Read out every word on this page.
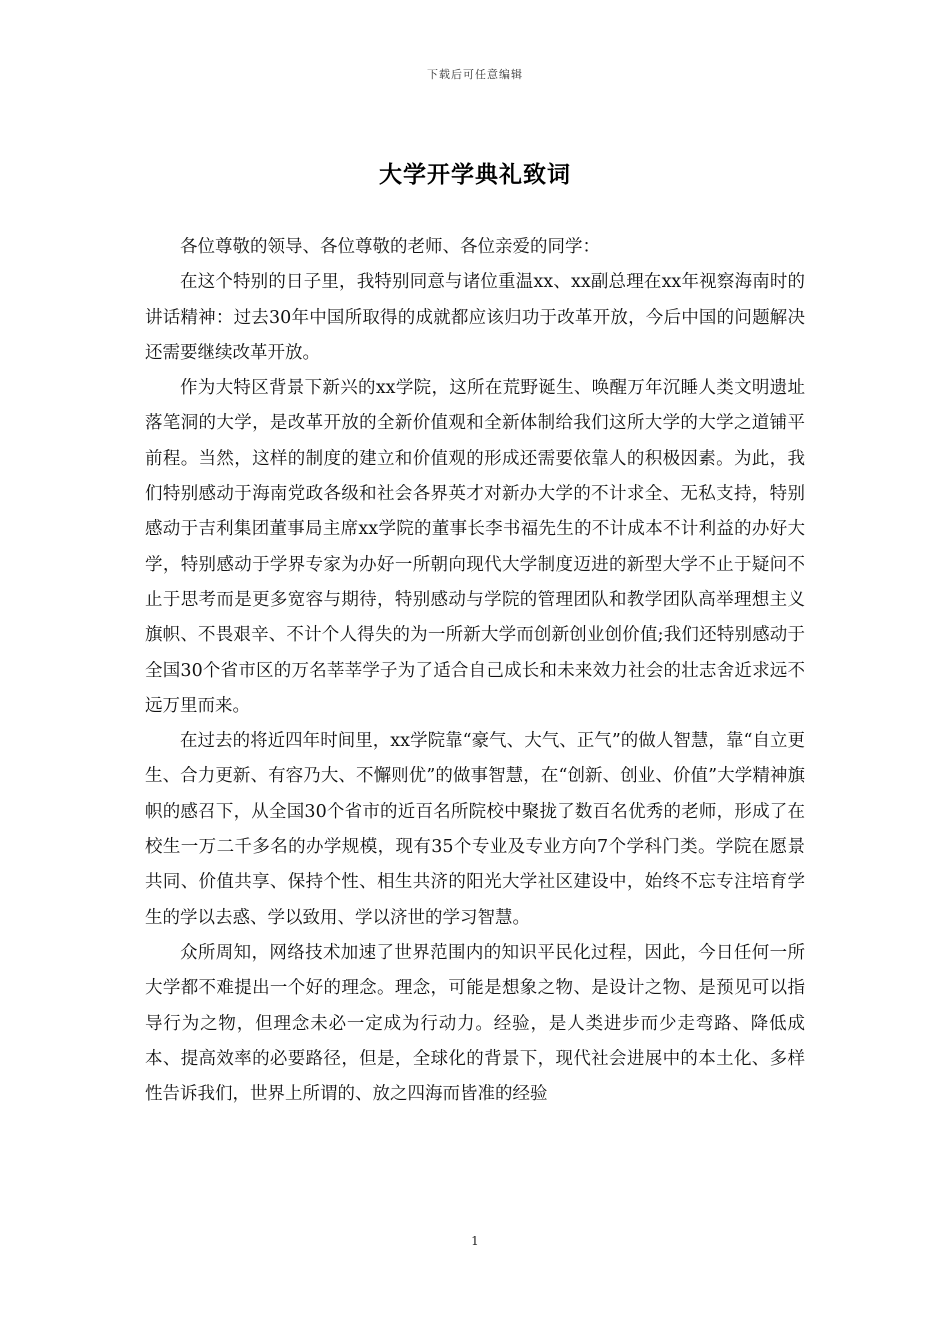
下载后可任意编辑
大学开学典礼致词

各位尊敬的领导、各位尊敬的老师、各位亲爱的同学：

在这个特别的日子里，我特别同意与诸位重温xx、xx副总理在xx年视察海南时的讲话精神：过去30年中国所取得的成就都应该归功于改革开放，今后中国的问题解决还需要继续改革开放。

作为大特区背景下新兴的xx学院，这所在荒野诞生、唤醒万年沉睡人类文明遗址落笔洞的大学，是改革开放的全新价值观和全新体制给我们这所大学的大学之道铺平前程。当然，这样的制度的建立和价值观的形成还需要依靠人的积极因素。为此，我们特别感动于海南党政各级和社会各界英才对新办大学的不计求全、无私支持，特别感动于吉利集团董事局主席xx学院的董事长李书福先生的不计成本不计利益的办好大学，特别感动于学界专家为办好一所朝向现代大学制度迈进的新型大学不止于疑问不止于思考而是更多宽容与期待，特别感动与学院的管理团队和教学团队高举理想主义旗帜、不畏艰辛、不计个人得失的为一所新大学而创新创业创价值;我们还特别感动于全国30个省市区的万名莘莘学子为了适合自己成长和未来效力社会的壮志舍近求远不远万里而来。

在过去的将近四年时间里，xx学院靠“豪气、大气、正气”的做人智慧，靠“自立更生、合力更新、有容乃大、不懈则优”的做事智慧，在“创新、创业、价值”大学精神旗帜的感召下，从全国30个省市的近百名所院校中聚拢了数百名优秀的老师，形成了在校生一万二千多名的办学规模，现有35个专业及专业方向7个学科门类。学院在愿景共同、价值共享、保持个性、相生共济的阳光大学社区建设中，始终不忘专注培育学生的学以去惑、学以致用、学以济世的学习智慧。

众所周知，网络技术加速了世界范围内的知识平民化过程，因此，今日任何一所大学都不难提出一个好的理念。理念，可能是想象之物、是设计之物、是预见可以指导行为之物，但理念未必一定成为行动力。经验，是人类进步而少走弯路、降低成本、提高效率的必要路径，但是，全球化的背景下，现代社会进展中的本土化、多样性告诉我们，世界上所谓的、放之四海而皆准的经验

1
